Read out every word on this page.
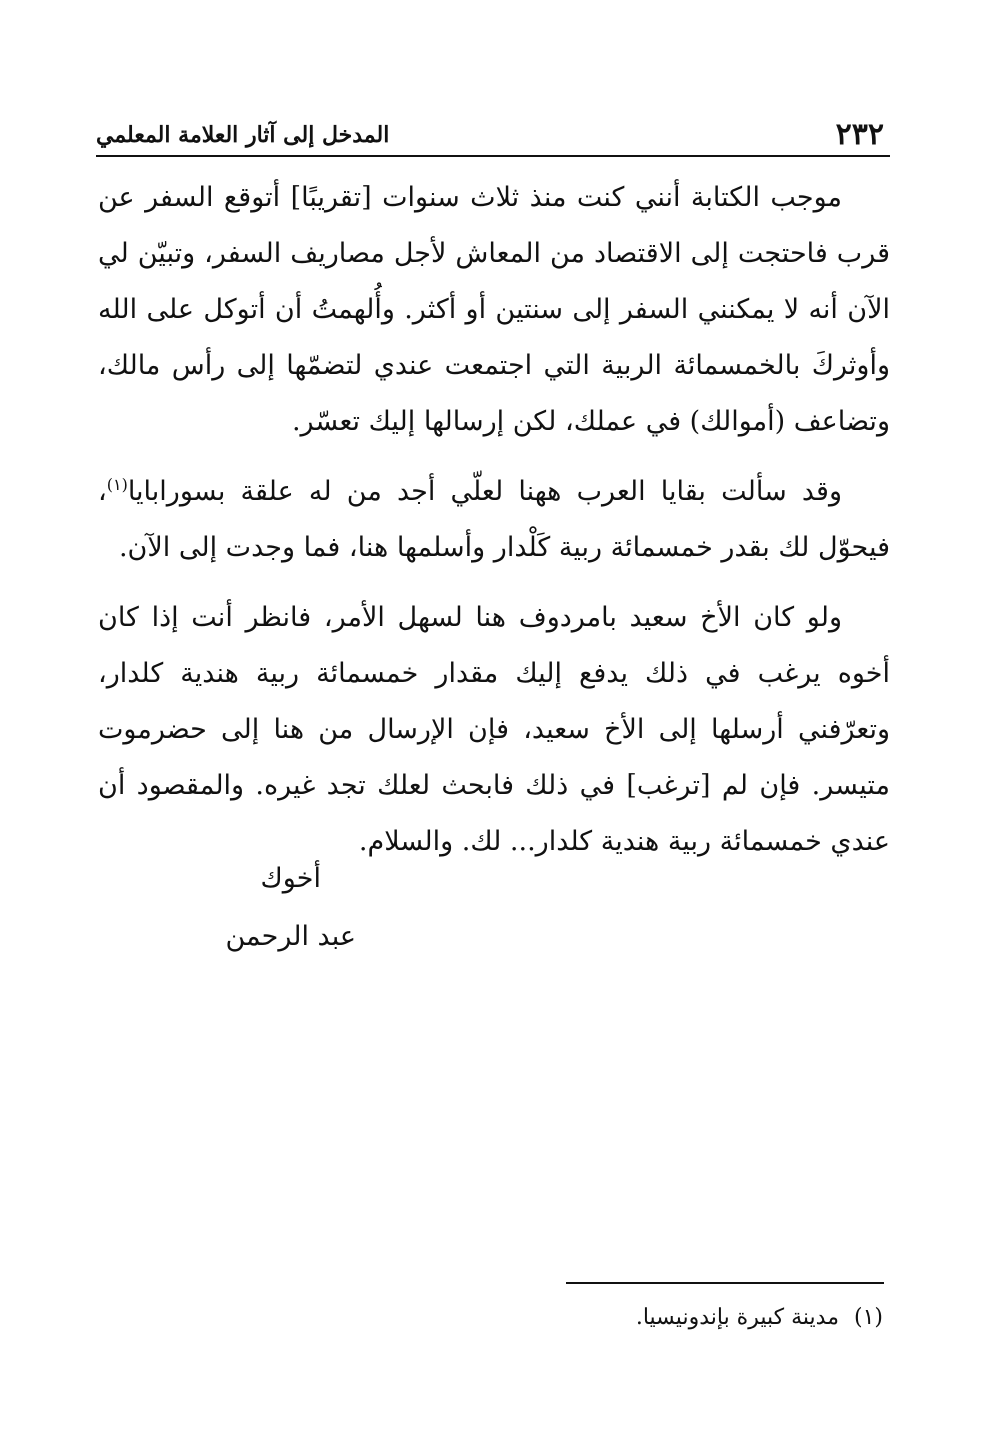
٢٣٢
المدخل إلى آثار العلامة المعلمي

موجب الكتابة أنني كنت منذ ثلاث سنوات [تقريبًا] أتوقع السفر عن قرب فاحتجت إلى الاقتصاد من المعاش لأجل مصاريف السفر، وتبيّن لي الآن أنه لا يمكنني السفر إلى سنتين أو أكثر. وأُلهمتُ أن أتوكل على الله وأوثركَ بالخمسمائة الربية التي اجتمعت عندي لتضمّها إلى رأس مالك، وتضاعف (أموالك) في عملك، لكن إرسالها إليك تعسّر.

وقد سألت بقايا العرب ههنا لعلّي أجد من له علقة بسورابايا$^{(١)}$، فيحوّل لك بقدر خمسمائة ربية كَلْدار وأسلمها هنا، فما وجدت إلى الآن.

ولو كان الأخ سعيد بامردوف هنا لسهل الأمر، فانظر أنت إذا كان أخوه يرغب في ذلك يدفع إليك مقدار خمسمائة ربية هندية كلدار، وتعرّفني أرسلها إلى الأخ سعيد، فإن الإرسال من هنا إلى حضرموت متيسر. فإن لم [ترغب] في ذلك فابحث لعلك تجد غيره. والمقصود أن عندي خمسمائة ربية هندية كلدار... لك. والسلام.

أخوك
عبد الرحمن
(١) مدينة كبيرة بإندونيسيا.
